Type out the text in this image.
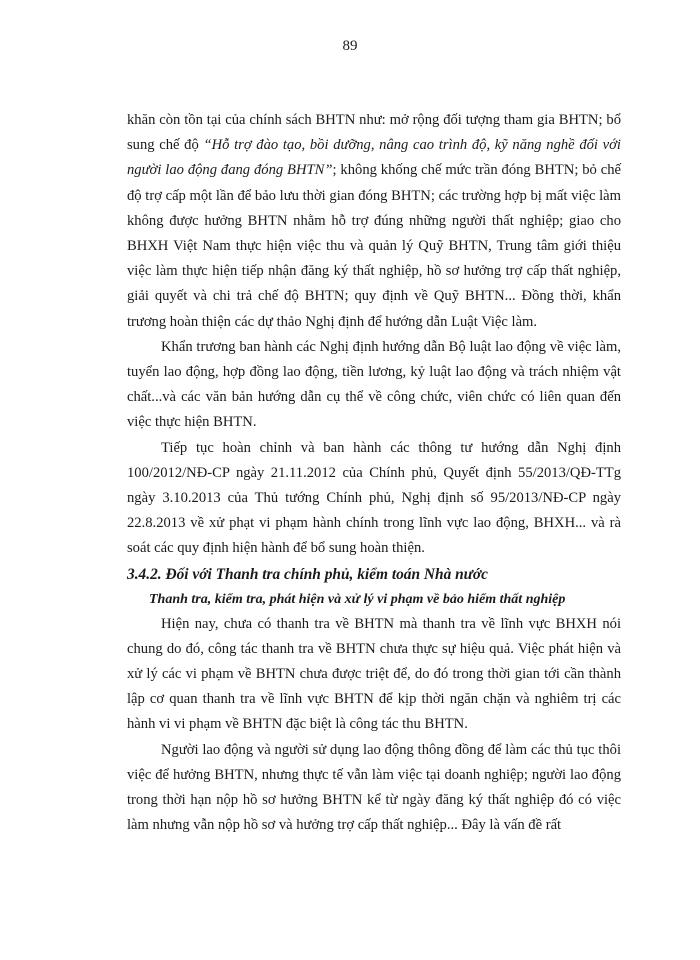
89

khăn còn tồn tại của chính sách BHTN như: mở rộng đối tượng tham gia BHTN; bổ sung chế độ “Hỗ trợ đào tạo, bồi dưỡng, nâng cao trình độ, kỹ năng nghề đối với người lao động đang đóng BHTN”; không khống chế mức trần đóng BHTN; bỏ chế độ trợ cấp một lần để bảo lưu thời gian đóng BHTN; các trường hợp bị mất việc làm không được hưởng BHTN nhằm hỗ trợ đúng những người thất nghiệp; giao cho BHXH Việt Nam thực hiện việc thu và quản lý Quỹ BHTN, Trung tâm giới thiệu việc làm thực hiện tiếp nhận đăng ký thất nghiệp, hồ sơ hưởng trợ cấp thất nghiệp, giải quyết và chi trả chế độ BHTN; quy định về Quỹ BHTN... Đồng thời, khẩn trương hoàn thiện các dự thảo Nghị định để hướng dẫn Luật Việc làm.

Khẩn trương ban hành các Nghị định hướng dẫn Bộ luật lao động về việc làm, tuyển lao động, hợp đồng lao động, tiền lương, kỷ luật lao động và trách nhiệm vật chất...và các văn bản hướng dẫn cụ thể về công chức, viên chức có liên quan đến việc thực hiện BHTN.

Tiếp tục hoàn chỉnh và ban hành các thông tư hướng dẫn Nghị định 100/2012/NĐ-CP ngày 21.11.2012 của Chính phủ, Quyết định 55/2013/QĐ-TTg ngày 3.10.2013 của Thủ tướng Chính phủ, Nghị định số 95/2013/NĐ-CP ngày 22.8.2013 về xử phạt vi phạm hành chính trong lĩnh vực lao động, BHXH... và rà soát các quy định hiện hành để bổ sung hoàn thiện.

3.4.2. Đối với Thanh tra chính phủ, kiểm toán Nhà nước

Thanh tra, kiểm tra, phát hiện và xử lý vi phạm về bảo hiểm thất nghiệp

Hiện nay, chưa có thanh tra về BHTN mà thanh tra về lĩnh vực BHXH nói chung do đó, công tác thanh tra về BHTN chưa thực sự hiệu quả. Việc phát hiện và xử lý các vi phạm về BHTN chưa được triệt để, do đó trong thời gian tới cần thành lập cơ quan thanh tra về lĩnh vực BHTN để kịp thời ngăn chặn và nghiêm trị các hành vi vi phạm về BHTN đặc biệt là công tác thu BHTN.

Người lao động và người sử dụng lao động thông đồng để làm các thủ tục thôi việc để hưởng BHTN, nhưng thực tế vẫn làm việc tại doanh nghiệp; người lao động trong thời hạn nộp hồ sơ hưởng BHTN kể từ ngày đăng ký thất nghiệp đó có việc làm nhưng vẫn nộp hồ sơ và hưởng trợ cấp thất nghiệp... Đây là vấn đề rất
